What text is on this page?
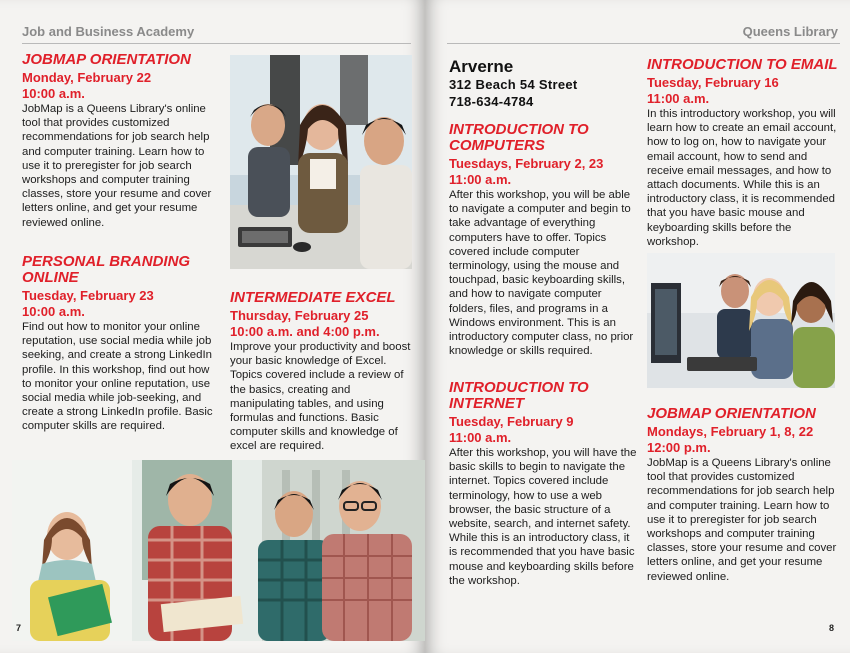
Job and Business Academy

JOBMAP ORIENTATION

Monday, February 22

10:00 a.m.

JobMap is a Queens Library's online tool that provides customized recommendations for job search help and computer training. Learn how to use it to preregister for job search workshops and computer training classes, store your resume and cover letters online, and get your resume reviewed online.

PERSONAL BRANDING ONLINE

Tuesday, February 23

10:00 a.m.

Find out how to monitor your online reputation, use social media while job seeking, and create a strong LinkedIn profile. In this workshop, find out how to monitor your online reputation, use social media while job-seeking, and create a strong LinkedIn profile. Basic computer skills are required.

INTERMEDIATE EXCEL

Thursday, February 25

10:00 a.m. and 4:00 p.m.

Improve your productivity and boost your basic knowledge of Excel. Topics covered include a review of the basics, creating and manipulating tables, and using formulas and functions. Basic computer skills and knowledge of excel are required.

7
Queens Library

Arverne

312 Beach 54 Street

718-634-4784

INTRODUCTION TO COMPUTERS

Tuesdays, February 2, 23

11:00 a.m.

After this workshop, you will be able to navigate a computer and begin to take advantage of everything computers have to offer. Topics covered include computer terminology, using the mouse and touchpad, basic keyboarding skills, and how to navigate computer folders, files, and programs in a Windows environment. This is an introductory computer class, no prior knowledge or skills required.

INTRODUCTION TO INTERNET

Tuesday, February 9

11:00 a.m.

After this workshop, you will have the basic skills to begin to navigate the internet. Topics covered include terminology, how to use a web browser, the basic structure of a website, search, and internet safety. While this is an introductory class, it is recommended that you have basic mouse and keyboarding skills before the workshop.

INTRODUCTION TO EMAIL

Tuesday, February 16

11:00 a.m.

In this introductory workshop, you will learn how to create an email account, how to log on, how to navigate your email account, how to send and receive email messages, and how to attach documents. While this is an introductory class, it is recommended that you have basic mouse and keyboarding skills before the workshop.

JOBMAP ORIENTATION

Mondays, February 1, 8, 22

12:00 p.m.

JobMap is a Queens Library's online tool that provides customized recommendations for job search help and computer training. Learn how to use it to preregister for job search workshops and computer training classes, store your resume and cover letters online, and get your resume reviewed online.

8
